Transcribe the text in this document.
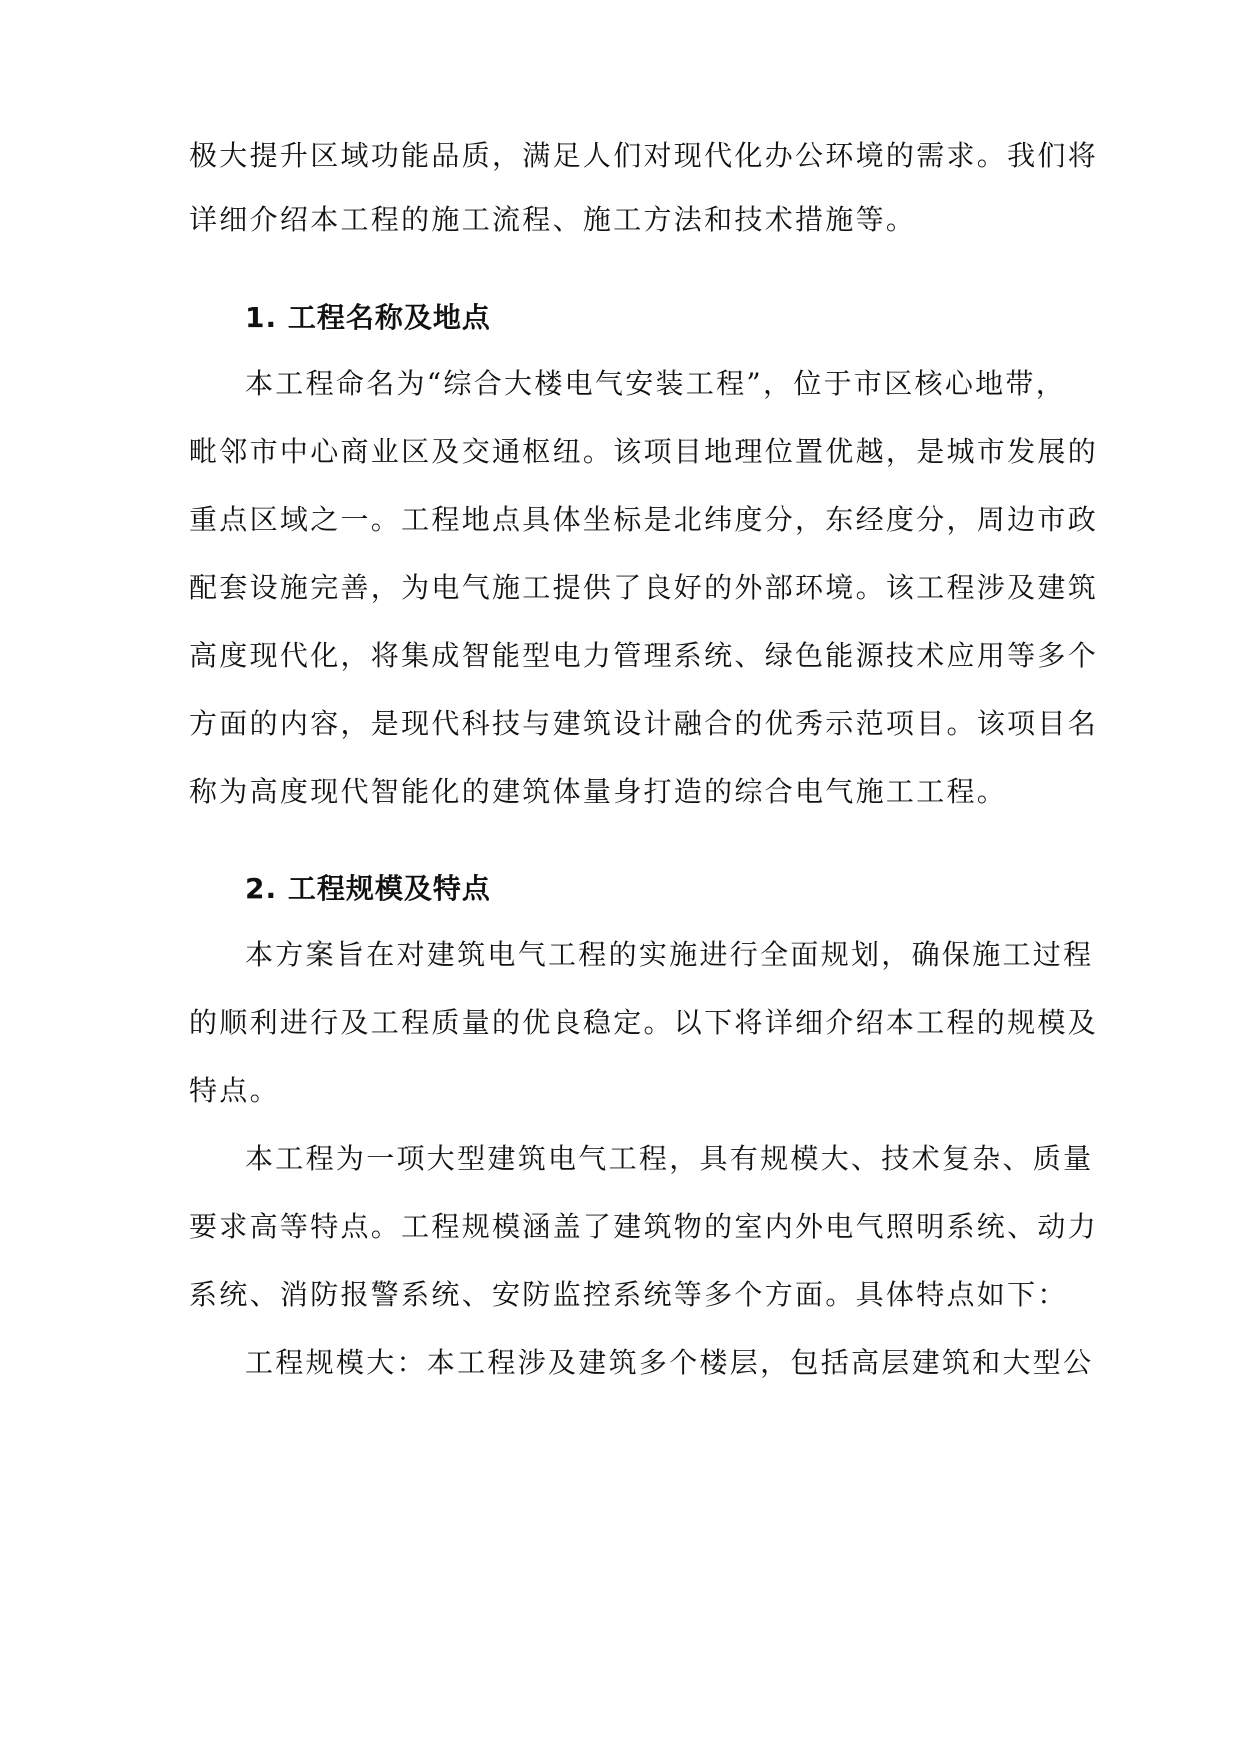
极大提升区域功能品质，满足人们对现代化办公环境的需求。我们将
详细介绍本工程的施工流程、施工方法和技术措施等。
1. 工程名称及地点
本工程命名为“综合大楼电气安装工程”，位于市区核心地带，
毗邻市中心商业区及交通枢纽。该项目地理位置优越，是城市发展的
重点区域之一。工程地点具体坐标是北纬度分，东经度分，周边市政
配套设施完善，为电气施工提供了良好的外部环境。该工程涉及建筑
高度现代化，将集成智能型电力管理系统、绿色能源技术应用等多个
方面的内容，是现代科技与建筑设计融合的优秀示范项目。该项目名
称为高度现代智能化的建筑体量身打造的综合电气施工工程。
2. 工程规模及特点
本方案旨在对建筑电气工程的实施进行全面规划，确保施工过程
的顺利进行及工程质量的优良稳定。以下将详细介绍本工程的规模及
特点。
本工程为一项大型建筑电气工程，具有规模大、技术复杂、质量
要求高等特点。工程规模涵盖了建筑物的室内外电气照明系统、动力
系统、消防报警系统、安防监控系统等多个方面。具体特点如下：
工程规模大：本工程涉及建筑多个楼层，包括高层建筑和大型公
